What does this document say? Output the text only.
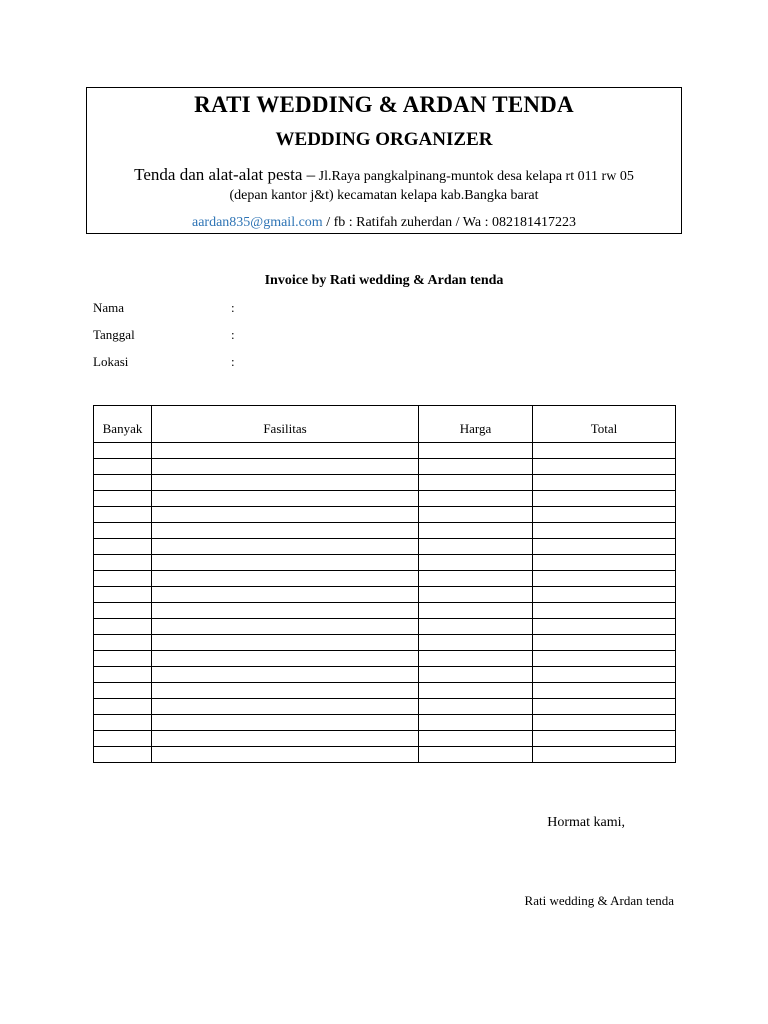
RATI WEDDING & ARDAN TENDA
WEDDING ORGANIZER
Tenda dan alat-alat pesta – Jl.Raya pangkalpinang-muntok desa kelapa rt 011 rw 05
(depan kantor j&t) kecamatan kelapa kab.Bangka barat
aardan835@gmail.com / fb : Ratifah zuherdan / Wa : 082181417223
Invoice by Rati wedding & Ardan tenda
Nama	:
Tanggal	:
Lokasi	:
Banyak	Fasilitas	Harga	Total

Hormat kami,
Rati wedding & Ardan tenda
